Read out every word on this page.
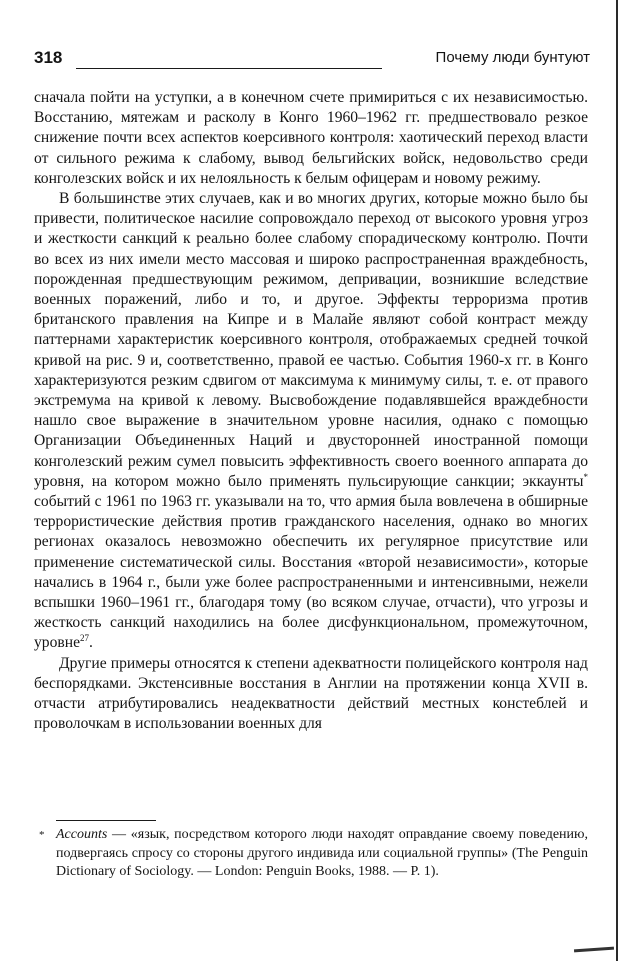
318	Почему люди бунтуют

сначала пойти на уступки, а в конечном счете примириться с их независимостью. Восстанию, мятежам и расколу в Конго 1960–1962 гг. предшествовало резкое снижение почти всех аспектов коерсивного контроля: хаотический переход власти от сильного режима к слабому, вывод бельгийских войск, недовольство среди конголезских войск и их нелояльность к белым офицерам и новому режиму.

В большинстве этих случаев, как и во многих других, которые можно было бы привести, политическое насилие сопровождало переход от высокого уровня угроз и жесткости санкций к реально более слабому спорадическому контролю. Почти во всех из них имели место массовая и широко распространенная враждебность, порожденная предшествующим режимом, депривации, возникшие вследствие военных поражений, либо и то, и другое. Эффекты терроризма против британского правления на Кипре и в Малайе являют собой контраст между паттернами характеристик коерсивного контроля, отображаемых средней точкой кривой на рис. 9 и, соответственно, правой ее частью. События 1960-х гг. в Конго характеризуются резким сдвигом от максимума к минимуму силы, т. е. от правого экстремума на кривой к левому. Высвобождение подавлявшейся враждебности нашло свое выражение в значительном уровне насилия, однако с помощью Организации Объединенных Наций и двусторонней иностранной помощи конголезский режим сумел повысить эффективность своего военного аппарата до уровня, на котором можно было применять пульсирующие санкции; эккаунты* событий с 1961 по 1963 гг. указывали на то, что армия была вовлечена в обширные террористические действия против гражданского населения, однако во многих регионах оказалось невозможно обеспечить их регулярное присутствие или применение систематической силы. Восстания «второй независимости», которые начались в 1964 г., были уже более распространенными и интенсивными, нежели вспышки 1960–1961 гг., благодаря тому (во всяком случае, отчасти), что угрозы и жесткость санкций находились на более дисфункциональном, промежуточном, уровне$^{27}$.

Другие примеры относятся к степени адекватности полицейского контроля над беспорядками. Экстенсивные восстания в Англии на протяжении конца XVII в. отчасти атрибутировались неадекватности действий местных констеблей и проволочкам в использовании военных для

* Accounts — «язык, посредством которого люди находят оправдание своему поведению, подвергаясь спросу со стороны другого индивида или социальной группы» (The Penguin Dictionary of Sociology. — London: Penguin Books, 1988. — P. 1).
